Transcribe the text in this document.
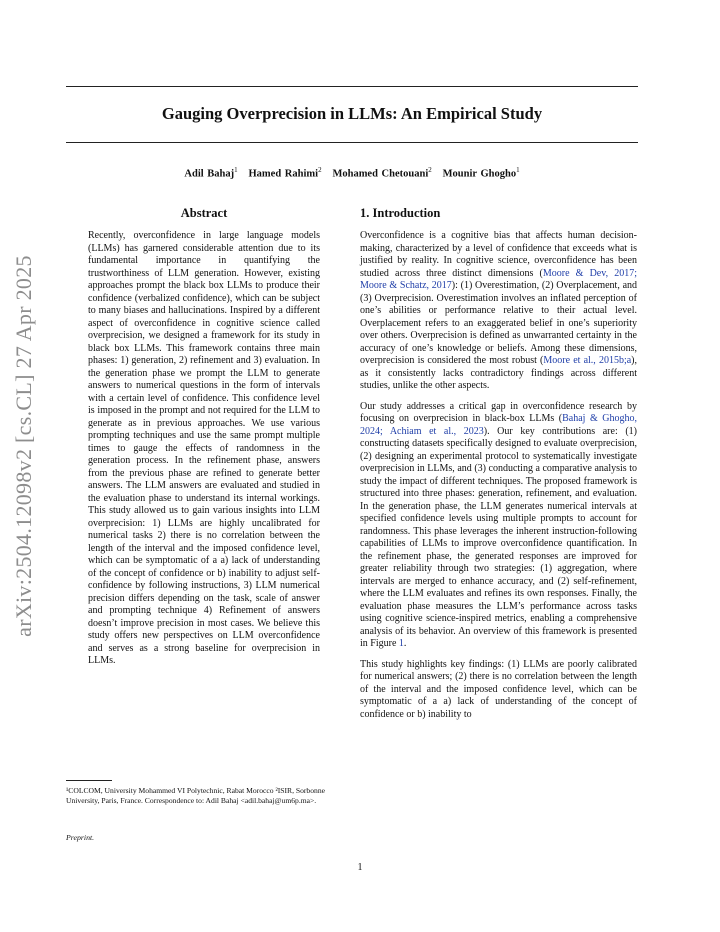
Gauging Overprecision in LLMs: An Empirical Study
Adil Bahaj$^1$ Hamed Rahimi$^2$ Mohamed Chetouani$^2$ Mounir Ghogho$^1$
arXiv:2504.12098v2 [cs.CL] 27 Apr 2025
Abstract

Recently, overconfidence in large language models (LLMs) has garnered considerable attention due to its fundamental importance in quantifying the trustworthiness of LLM generation. However, existing approaches prompt the black box LLMs to produce their confidence (verbalized confidence), which can be subject to many biases and hallucinations. Inspired by a different aspect of overconfidence in cognitive science called overprecision, we designed a framework for its study in black box LLMs. This framework contains three main phases: 1) generation, 2) refinement and 3) evaluation. In the generation phase we prompt the LLM to generate answers to numerical questions in the form of intervals with a certain level of confidence. This confidence level is imposed in the prompt and not required for the LLM to generate as in previous approaches. We use various prompting techniques and use the same prompt multiple times to gauge the effects of randomness in the generation process. In the refinement phase, answers from the previous phase are refined to generate better answers. The LLM answers are evaluated and studied in the evaluation phase to understand its internal workings. This study allowed us to gain various insights into LLM overprecision: 1) LLMs are highly uncalibrated for numerical tasks 2) there is no correlation between the length of the interval and the imposed confidence level, which can be symptomatic of a a) lack of understanding of the concept of confidence or b) inability to adjust self-confidence by following instructions, 3) LLM numerical precision differs depending on the task, scale of answer and prompting technique 4) Refinement of answers doesn’t improve precision in most cases. We believe this study offers new perspectives on LLM overconfidence and serves as a strong baseline for overprecision in LLMs.

1. Introduction

Overconfidence is a cognitive bias that affects human decision-making, characterized by a level of confidence that exceeds what is justified by reality. In cognitive science, overconfidence has been studied across three distinct dimensions (Moore & Dev, 2017; Moore & Schatz, 2017): (1) Overestimation, (2) Overplacement, and (3) Overprecision. Overestimation involves an inflated perception of one’s abilities or performance relative to their actual level. Overplacement refers to an exaggerated belief in one’s superiority over others. Overprecision is defined as unwarranted certainty in the accuracy of one’s knowledge or beliefs. Among these dimensions, overprecision is considered the most robust (Moore et al., 2015b;a), as it consistently lacks contradictory findings across different studies, unlike the other aspects.

Our study addresses a critical gap in overconfidence research by focusing on overprecision in black-box LLMs (Bahaj & Ghogho, 2024; Achiam et al., 2023). Our key contributions are: (1) constructing datasets specifically designed to evaluate overprecision, (2) designing an experimental protocol to systematically investigate overprecision in LLMs, and (3) conducting a comparative analysis to study the impact of different techniques. The proposed framework is structured into three phases: generation, refinement, and evaluation. In the generation phase, the LLM generates numerical intervals at specified confidence levels using multiple prompts to account for randomness. This phase leverages the inherent instruction-following capabilities of LLMs to improve overconfidence quantification. In the refinement phase, the generated responses are improved for greater reliability through two strategies: (1) aggregation, where intervals are merged to enhance accuracy, and (2) self-refinement, where the LLM evaluates and refines its own responses. Finally, the evaluation phase measures the LLM’s performance across tasks using cognitive science-inspired metrics, enabling a comprehensive analysis of its behavior. An overview of this framework is presented in Figure 1.

This study highlights key findings: (1) LLMs are poorly calibrated for numerical answers; (2) there is no correlation between the length of the interval and the imposed confidence level, which can be symptomatic of a a) lack of understanding of the concept of confidence or b) inability to

¹COLCOM, University Mohammed VI Polytechnic, Rabat Morocco ²ISIR, Sorbonne University, Paris, France. Correspondence to: Adil Bahaj <adil.bahaj@um6p.ma>.
Preprint.
1
